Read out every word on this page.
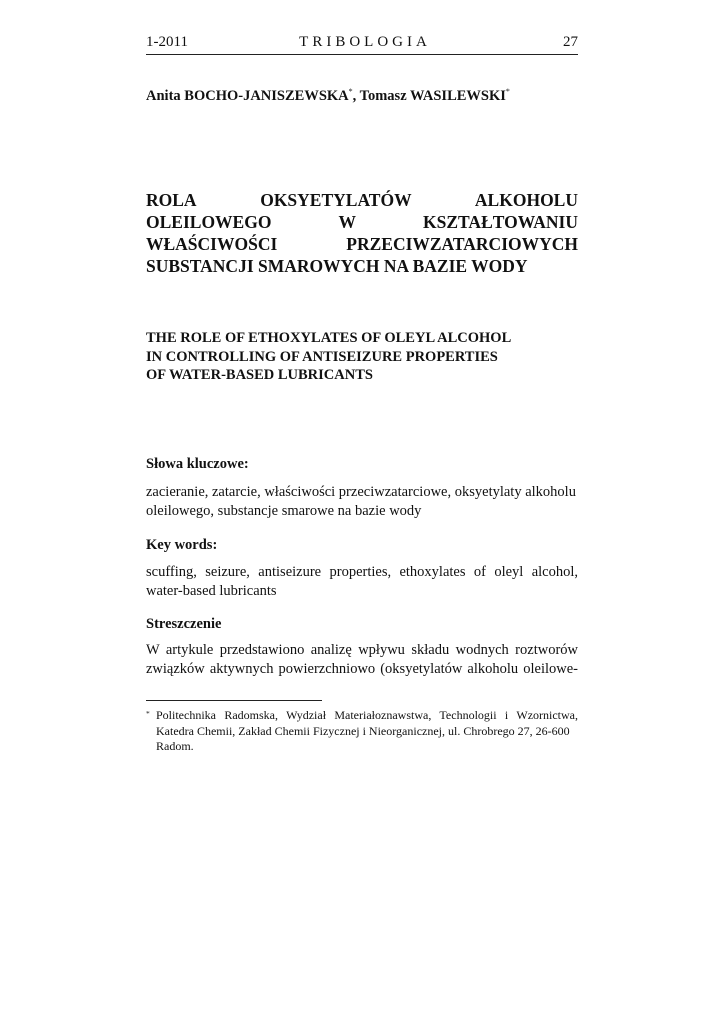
1-2011	TRIBOLOGIA	27
Anita BOCHO-JANISZEWSKA*, Tomasz WASILEWSKI*
ROLA OKSYETYLATÓW ALKOHOLU
OLEILOWEGO W KSZTAŁTOWANIU
WŁAŚCIWOŚCI PRZECIWZATARCIOWYCH
SUBSTANCJI SMAROWYCH NA BAZIE WODY
THE ROLE OF ETHOXYLATES OF OLEYL ALCOHOL
IN CONTROLLING OF ANTISEIZURE PROPERTIES
OF WATER-BASED LUBRICANTS
Słowa kluczowe:
zacieranie, zatarcie, właściwości przeciwzatarciowe, oksyetylaty alkoholu
oleilowego, substancje smarowe na bazie wody
Key words:
scuffing, seizure, antiseizure properties, ethoxylates of oleyl alcohol,
water-based lubricants
Streszczenie
W artykule przedstawiono analizę wpływu składu wodnych roztworów
związków aktywnych powierzchniowo (oksyetylatów alkoholu oleilowe-
* Politechnika Radomska, Wydział Materiałoznawstwa, Technologii i Wzornictwa,
Katedra Chemii, Zakład Chemii Fizycznej i Nieorganicznej, ul. Chrobrego 27, 26-600
Radom.
